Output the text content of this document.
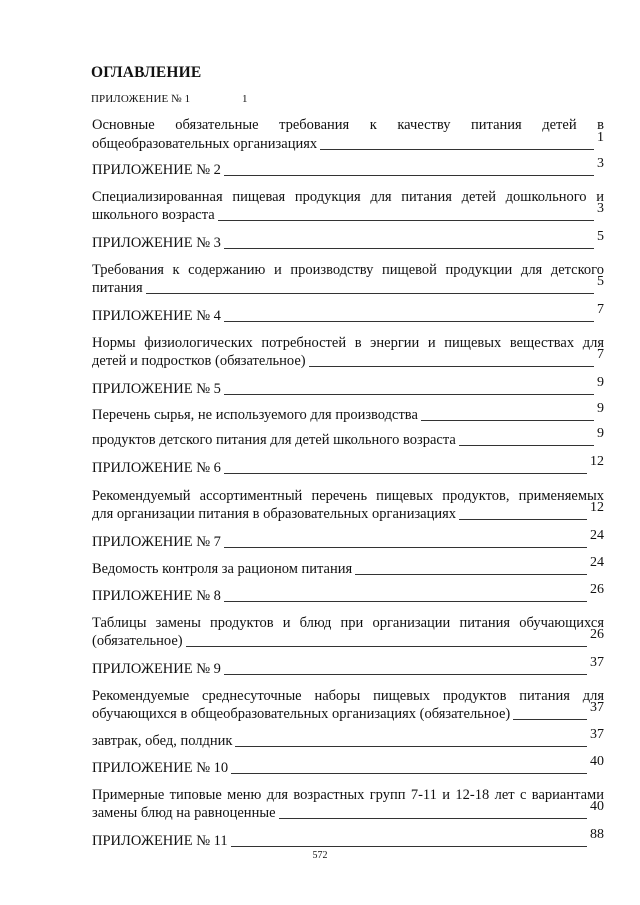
ОГЛАВЛЕНИЕ
ПРИЛОЖЕНИЕ № 1	1
Основные обязательные требования к качеству питания детей в
общеобразовательных организациях	1
ПРИЛОЖЕНИЕ № 2	3
Специализированная пищевая продукция для питания детей дошкольного и
школьного возраста	3
ПРИЛОЖЕНИЕ № 3	5
Требования к содержанию и производству пищевой продукции для детского
питания	5
ПРИЛОЖЕНИЕ № 4	7
Нормы физиологических потребностей в энергии и пищевых веществах для
детей и подростков (обязательное)	7
ПРИЛОЖЕНИЕ № 5	9
Перечень сырья, не используемого для производства	9
продуктов детского питания для детей школьного возраста	9
ПРИЛОЖЕНИЕ № 6	12
Рекомендуемый ассортиментный перечень пищевых продуктов, применяемых
для организации питания в образовательных организациях	12
ПРИЛОЖЕНИЕ № 7	24
Ведомость контроля за рационом питания	24
ПРИЛОЖЕНИЕ № 8	26
Таблицы замены продуктов и блюд при организации питания обучающихся
(обязательное)	26
ПРИЛОЖЕНИЕ № 9	37
Рекомендуемые среднесуточные наборы пищевых продуктов питания для
обучающихся в общеобразовательных организациях (обязательное)	37
завтрак, обед, полдник	37
ПРИЛОЖЕНИЕ № 10	40
Примерные типовые меню для возрастных групп 7-11 и 12-18 лет с вариантами
замены блюд на равноценные	40
ПРИЛОЖЕНИЕ № 11	88
572
